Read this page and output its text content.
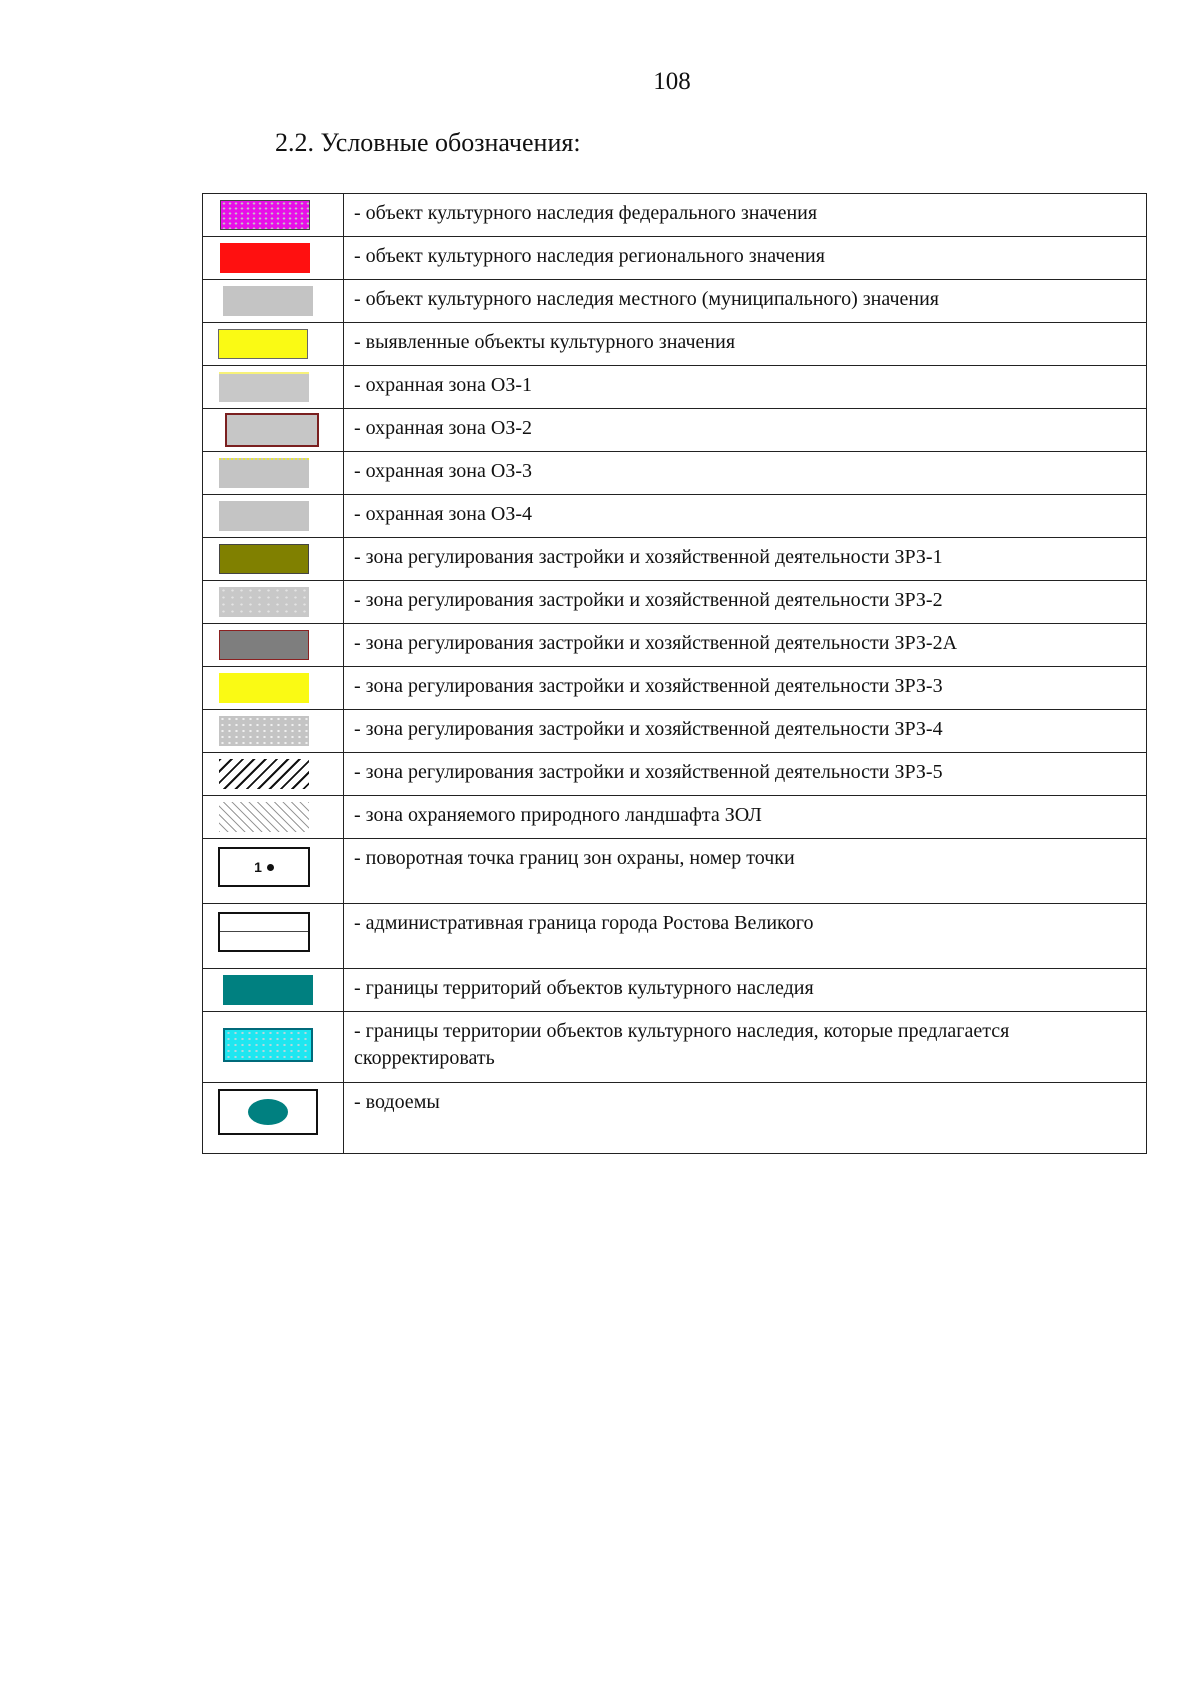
108
2.2. Условные обозначения:
	- объект культурного наследия федерального значения

	- объект культурного наследия регионального значения

	- объект культурного наследия местного (муниципального) значения

	- выявленные объекты культурного значения

	- охранная зона ОЗ-1

	- охранная зона ОЗ-2

	- охранная зона ОЗ-3

	- охранная зона ОЗ-4

	- зона регулирования застройки и хозяйственной деятельности ЗРЗ-1

	- зона регулирования застройки и хозяйственной деятельности ЗРЗ-2

	- зона регулирования застройки и хозяйственной деятельности ЗРЗ-2А

	- зона регулирования застройки и хозяйственной деятельности ЗРЗ-3

	- зона регулирования застройки и хозяйственной деятельности ЗРЗ-4

	- зона регулирования застройки и хозяйственной деятельности ЗРЗ-5

	- зона охраняемого природного ландшафта ЗОЛ

1	- поворотная точка границ зон охраны, номер точки

	- административная граница города Ростова Великого

	- границы территорий объектов культурного наследия

	- границы территории объектов культурного наследия, которые предлагается скорректировать

	- водоемы
